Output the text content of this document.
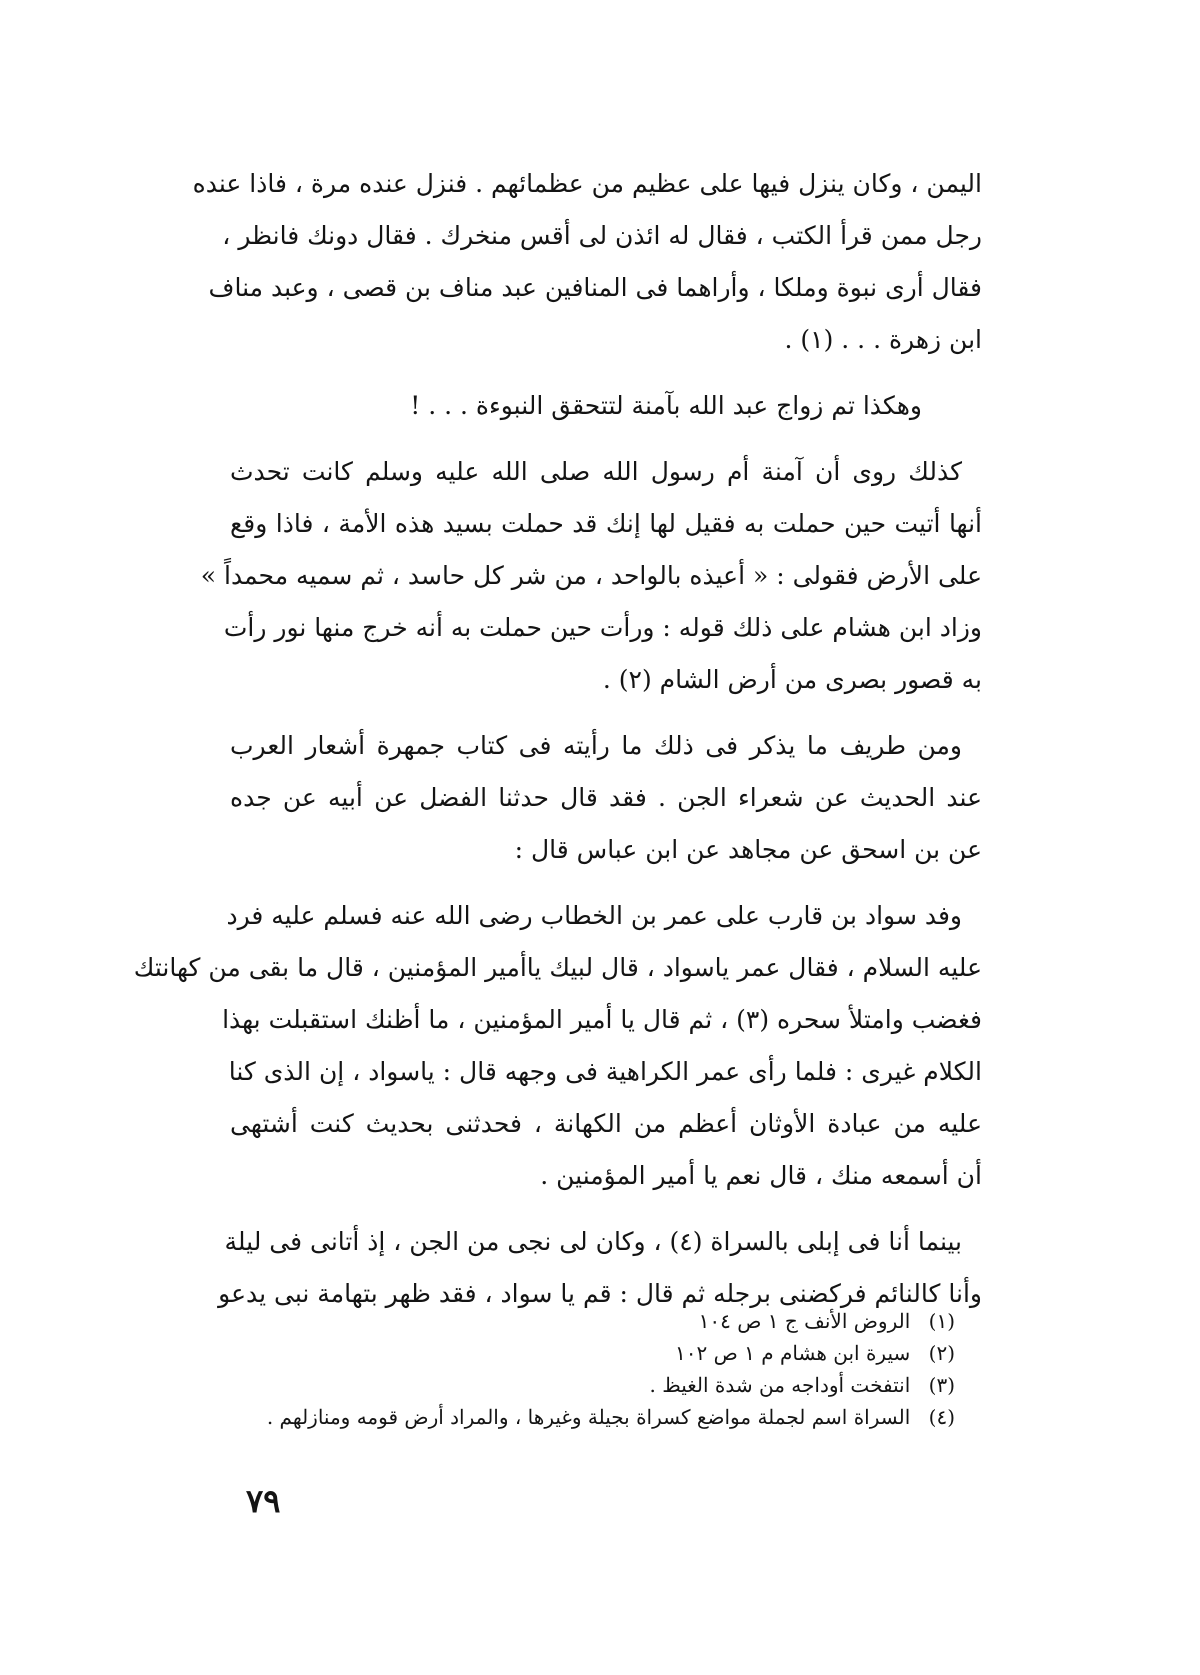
اليمن ، وكان ينزل فيها على عظيم من عظمائهم . فنزل عنده مرة ، فاذا عنده
رجل ممن قرأ الكتب ، فقال له ائذن لى أقس منخرك . فقال دونك فانظر ،
فقال أرى نبوة وملكا ، وأراهما فى المنافين عبد مناف بن قصى ، وعبد مناف
ابن زهرة . . . (١) .
وهكذا تم زواج عبد الله بآمنة لتتحقق النبوءة . . . !
كذلك روى أن آمنة أم رسول الله صلى الله عليه وسلم كانت تحدث
أنها أتيت حين حملت به فقيل لها إنك قد حملت بسيد هذه الأمة ، فاذا وقع
على الأرض فقولى : « أعيذه بالواحد ، من شر كل حاسد ، ثم سميه محمداً »
وزاد ابن هشام على ذلك قوله : ورأت حين حملت به أنه خرج منها نور رأت
به قصور بصرى من أرض الشام (٢) .
ومن طريف ما يذكر فى ذلك ما رأيته فى كتاب جمهرة أشعار العرب
عند الحديث عن شعراء الجن . فقد قال حدثنا الفضل عن أبيه عن جده
عن بن اسحق عن مجاهد عن ابن عباس قال :
وفد سواد بن قارب على عمر بن الخطاب رضى الله عنه فسلم عليه فرد
عليه السلام ، فقال عمر ياسواد ، قال لبيك ياأمير المؤمنين ، قال ما بقى من كهانتك
فغضب وامتلأ سحره (٣) ، ثم قال يا أمير المؤمنين ، ما أظنك استقبلت بهذا
الكلام غيرى : فلما رأى عمر الكراهية فى وجهه قال : ياسواد ، إن الذى كنا
عليه من عبادة الأوثان أعظم من الكهانة ، فحدثنى بحديث كنت أشتهى
أن أسمعه منك ، قال نعم يا أمير المؤمنين .
بينما أنا فى إبلى بالسراة (٤) ، وكان لى نجى من الجن ، إذ أتانى فى ليلة
وأنا كالنائم فركضنى برجله ثم قال : قم يا سواد ، فقد ظهر بتهامة نبى يدعو
(١) الروض الأنف ج ١ ص ١٠٤
(٢) سيرة ابن هشام م ١ ص ١٠٢
(٣) انتفخت أوداجه من شدة الغيظ .
(٤) السراة اسم لجملة مواضع كسراة بجيلة وغيرها ، والمراد أرض قومه ومنازلهم .
٧٩
